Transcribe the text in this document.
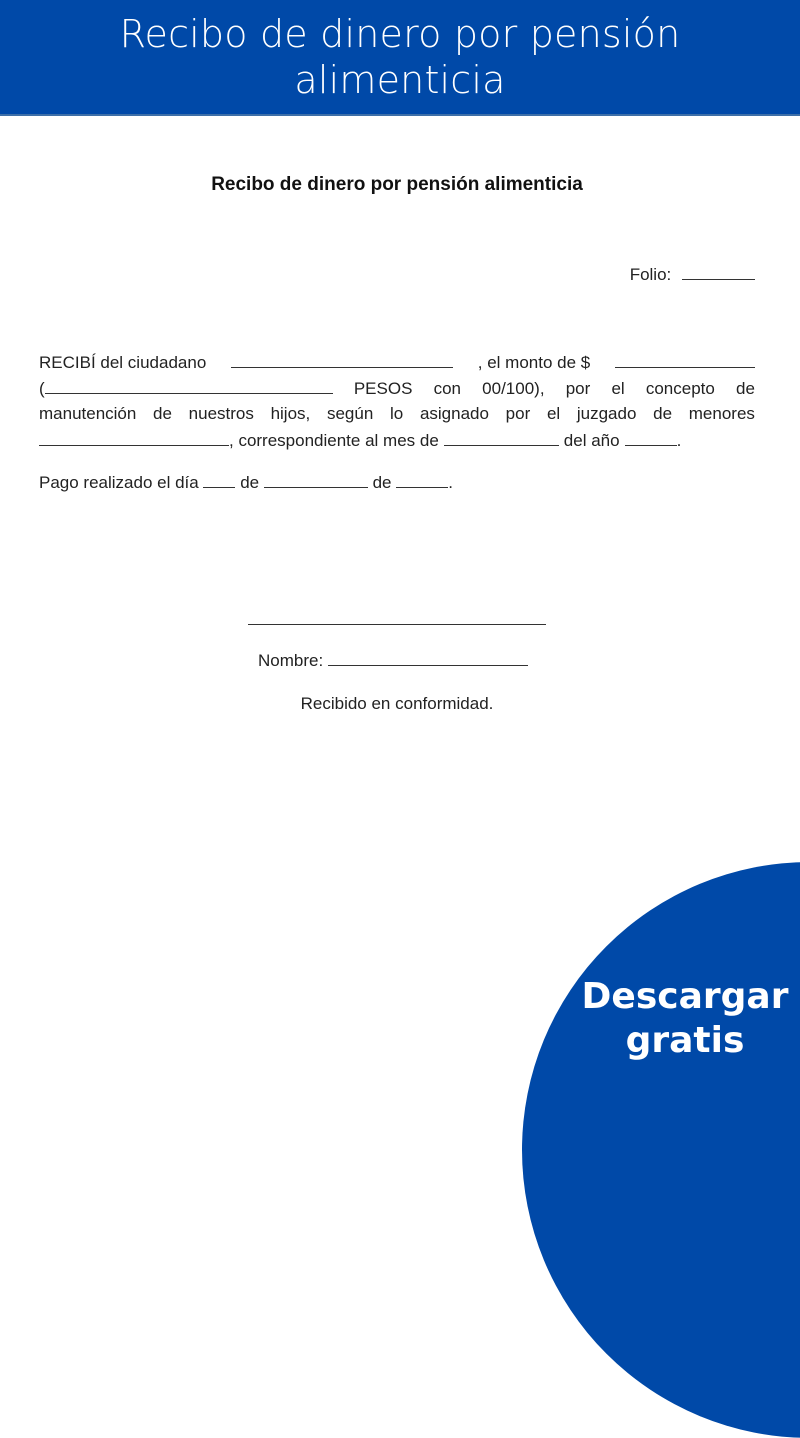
Recibo de dinero por pensión
alimenticia
Recibo de dinero por pensión alimenticia
Folio:
RECIBÍ del ciudadano	, el monto de $
(	PESOS con 00/100), por el concepto de
manutención de nuestros hijos, según lo asignado por el juzgado de menores
, correspondiente al mes de	del año	.
Pago realizado el día de	de	.
Nombre:
Recibido en conformidad.
Descargar
gratis
